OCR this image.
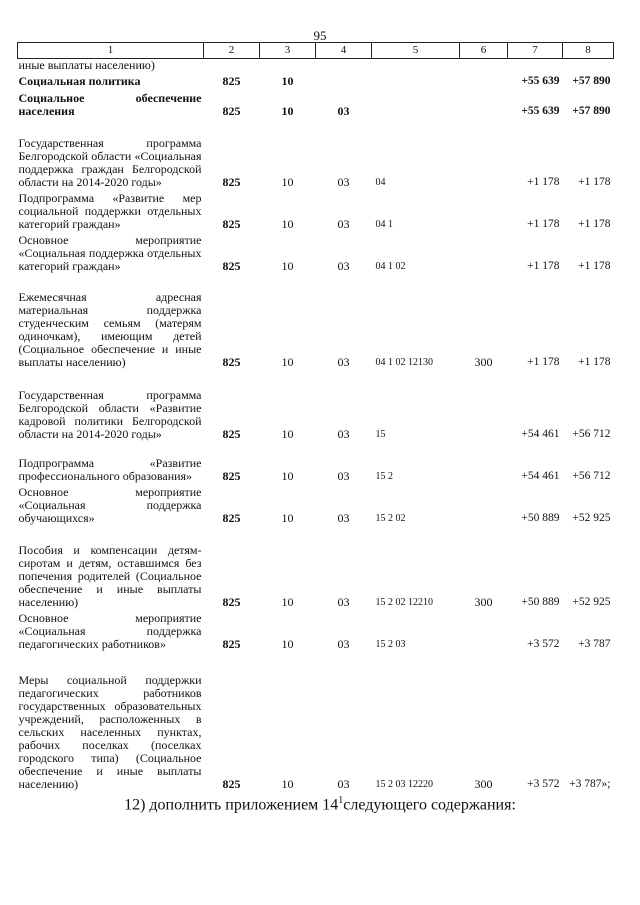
95
1	2	3	4	5	6	7	8
иные выплаты населению)							
Социальная политика	825	10				+55 639	+57 890
Социальное обеспечение населения	825	10	03			+55 639	+57 890
Государственная программа Белгородской области «Социальная поддержка граждан Белгородской области на 2014-2020 годы»	825	10	03	04		+1 178	+1 178
Подпрограмма «Развитие мер социальной поддержки отдельных категорий граждан»	825	10	03	04 1		+1 178	+1 178
Основное мероприятие «Социальная поддержка отдельных категорий граждан»	825	10	03	04 1 02		+1 178	+1 178
Ежемесячная адресная материальная поддержка студенческим семьям (матерям одиночкам), имеющим детей (Социальное обеспечение и иные выплаты населению)	825	10	03	04 1 02 12130	300	+1 178	+1 178
Государственная программа Белгородской области «Развитие кадровой политики Белгородской области на 2014-2020 годы»	825	10	03	15		+54 461	+56 712
Подпрограмма «Развитие профессионального образования»	825	10	03	15 2		+54 461	+56 712
Основное мероприятие «Социальная поддержка обучающихся»	825	10	03	15 2 02		+50 889	+52 925
Пособия и компенсации детям-сиротам и детям, оставшимся без попечения родителей (Социальное обеспечение и иные выплаты населению)	825	10	03	15 2 02 12210	300	+50 889	+52 925
Основное мероприятие «Социальная поддержка педагогических работников»	825	10	03	15 2 03		+3 572	+3 787
Меры социальной поддержки педагогических работников государственных образовательных учреждений, расположенных в сельских населенных пунктах, рабочих поселках (поселках городского типа) (Социальное обеспечение и иные выплаты населению)	825	10	03	15 2 03 12220	300	+3 572	+3 787»;
12) дополнить приложением $14^1следующего$ содержания:
